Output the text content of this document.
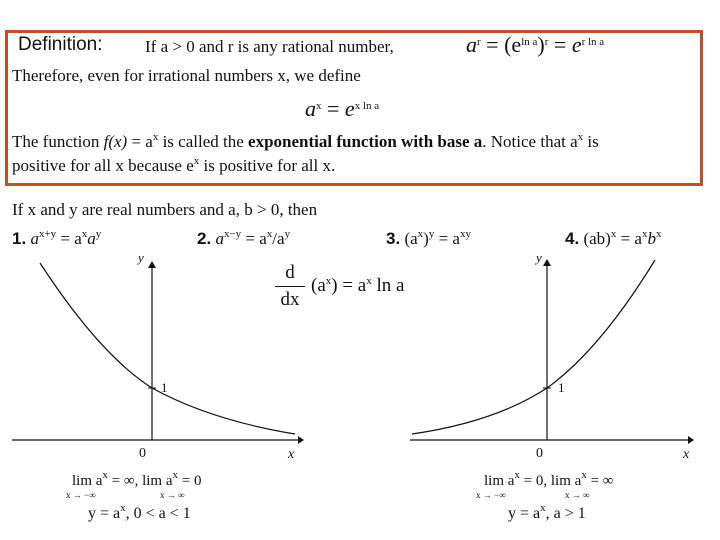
Definition:	If a > 0 and r is any rational number,	$a^r = (e^{ln a})^r = e^{r ln a}$
Therefore, even for irrational numbers x, we define
$a^x = e^{x ln a}$
The function $f(x) = a^x$ is called the exponential function with base a. Notice that $a^x$ is
positive for all x because $e^x$ is positive for all x.
If x and y are real numbers and a, b > 0, then
1. $a^{x+y} = a^xa^y$	2. $a^{x-y} = a^x/a^y$	3. $(a^x)^y = a^{xy}$	4. $(ab)^x = a^xb^x$
$\frac{d}{dx} (a^x) = a^x$ ln a
y
x
0
1
y
x
0
1
$\lim a^x$ = ∞, $\lim a^x = 0$
x → −∞	x → ∞
$y = a^x$, 0 < a < 1
$\lim a^x = 0$, $\lim a^x$ = ∞
x → −∞	x → ∞
$y = a^x$, a > 1
